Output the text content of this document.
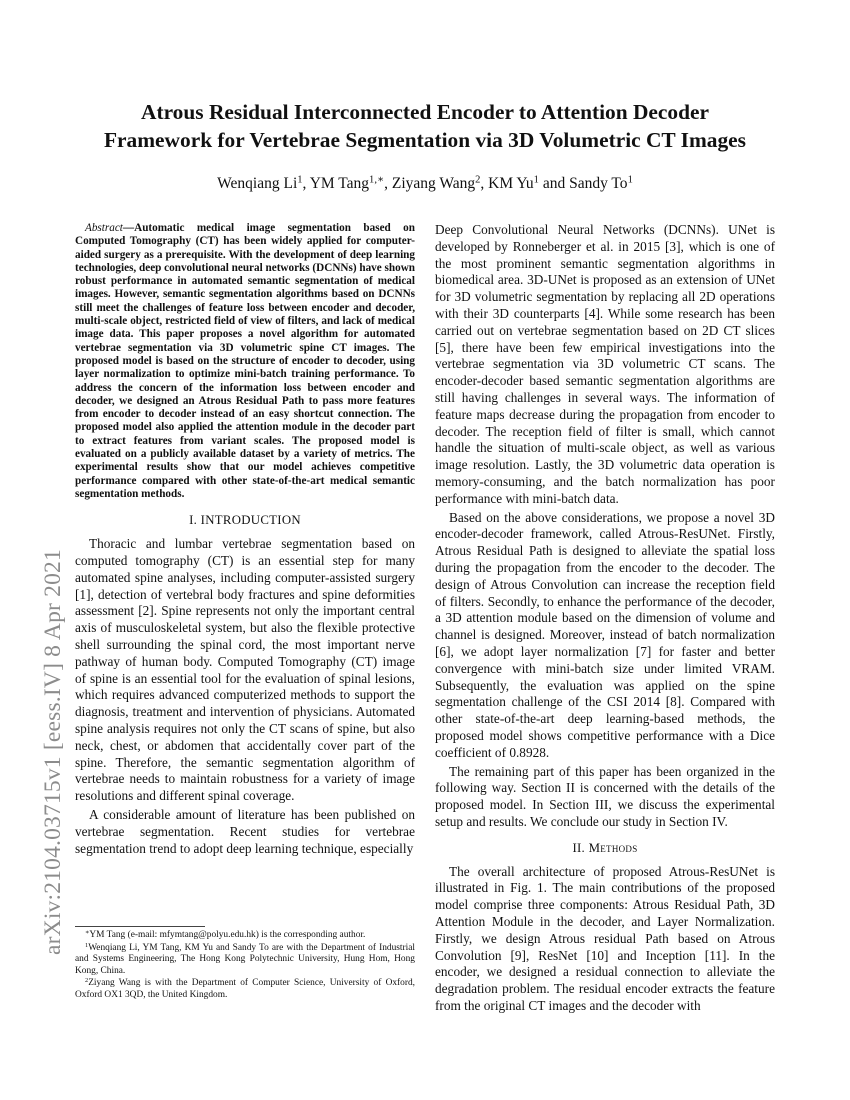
arXiv:2104.03715v1 [eess.IV] 8 Apr 2021
Atrous Residual Interconnected Encoder to Attention Decoder
Framework for Vertebrae Segmentation via 3D Volumetric CT Images
Wenqiang Li$^1$, YM Tang$^{1,∗}$, Ziyang Wang$^2$, KM Yu$^1$ and Sandy To$^1$

Abstract—Automatic medical image segmentation based on Computed Tomography (CT) has been widely applied for computer-aided surgery as a prerequisite. With the development of deep learning technologies, deep convolutional neural networks (DCNNs) have shown robust performance in automated semantic segmentation of medical images. However, semantic segmentation algorithms based on DCNNs still meet the challenges of feature loss between encoder and decoder, multi-scale object, restricted field of view of filters, and lack of medical image data. This paper proposes a novel algorithm for automated vertebrae segmentation via 3D volumetric spine CT images. The proposed model is based on the structure of encoder to decoder, using layer normalization to optimize mini-batch training performance. To address the concern of the information loss between encoder and decoder, we designed an Atrous Residual Path to pass more features from encoder to decoder instead of an easy shortcut connection. The proposed model also applied the attention module in the decoder part to extract features from variant scales. The proposed model is evaluated on a publicly available dataset by a variety of metrics. The experimental results show that our model achieves competitive performance compared with other state-of-the-art medical semantic segmentation methods.

I. INTRODUCTION

Thoracic and lumbar vertebrae segmentation based on computed tomography (CT) is an essential step for many automated spine analyses, including computer-assisted surgery [1], detection of vertebral body fractures and spine deformities assessment [2]. Spine represents not only the important central axis of musculoskeletal system, but also the flexible protective shell surrounding the spinal cord, the most important nerve pathway of human body. Computed Tomography (CT) image of spine is an essential tool for the evaluation of spinal lesions, which requires advanced computerized methods to support the diagnosis, treatment and intervention of physicians. Automated spine analysis requires not only the CT scans of spine, but also neck, chest, or abdomen that accidentally cover part of the spine. Therefore, the semantic segmentation algorithm of vertebrae needs to maintain robustness for a variety of image resolutions and different spinal coverage.

A considerable amount of literature has been published on vertebrae segmentation. Recent studies for vertebrae segmentation trend to adopt deep learning technique, especially

∗YM Tang (e-mail: mfymtang@polyu.edu.hk) is the corresponding author.

$^1$Wenqiang Li, YM Tang, KM Yu and Sandy To are with the Department of Industrial and Systems Engineering, The Hong Kong Polytechnic University, Hung Hom, Hong Kong, China.

$^2$Ziyang Wang is with the Department of Computer Science, University of Oxford, Oxford OX1 3QD, the United Kingdom.

Deep Convolutional Neural Networks (DCNNs). UNet is developed by Ronneberger et al. in 2015 [3], which is one of the most prominent semantic segmentation algorithms in biomedical area. 3D-UNet is proposed as an extension of UNet for 3D volumetric segmentation by replacing all 2D operations with their 3D counterparts [4]. While some research has been carried out on vertebrae segmentation based on 2D CT slices [5], there have been few empirical investigations into the vertebrae segmentation via 3D volumetric CT scans. The encoder-decoder based semantic segmentation algorithms are still having challenges in several ways. The information of feature maps decrease during the propagation from encoder to decoder. The reception field of filter is small, which cannot handle the situation of multi-scale object, as well as various image resolution. Lastly, the 3D volumetric data operation is memory-consuming, and the batch normalization has poor performance with mini-batch data.

Based on the above considerations, we propose a novel 3D encoder-decoder framework, called Atrous-ResUNet. Firstly, Atrous Residual Path is designed to alleviate the spatial loss during the propagation from the encoder to the decoder. The design of Atrous Convolution can increase the reception field of filters. Secondly, to enhance the performance of the decoder, a 3D attention module based on the dimension of volume and channel is designed. Moreover, instead of batch normalization [6], we adopt layer normalization [7] for faster and better convergence with mini-batch size under limited VRAM. Subsequently, the evaluation was applied on the spine segmentation challenge of the CSI 2014 [8]. Compared with other state-of-the-art deep learning-based methods, the proposed model shows competitive performance with a Dice coefficient of 0.8928.

The remaining part of this paper has been organized in the following way. Section II is concerned with the details of the proposed model. In Section III, we discuss the experimental setup and results. We conclude our study in Section IV.

II. Methods

The overall architecture of proposed Atrous-ResUNet is illustrated in Fig. 1. The main contributions of the proposed model comprise three components: Atrous Residual Path, 3D Attention Module in the decoder, and Layer Normalization. Firstly, we design Atrous residual Path based on Atrous Convolution [9], ResNet [10] and Inception [11]. In the encoder, we designed a residual connection to alleviate the degradation problem. The residual encoder extracts the feature from the original CT images and the decoder with
